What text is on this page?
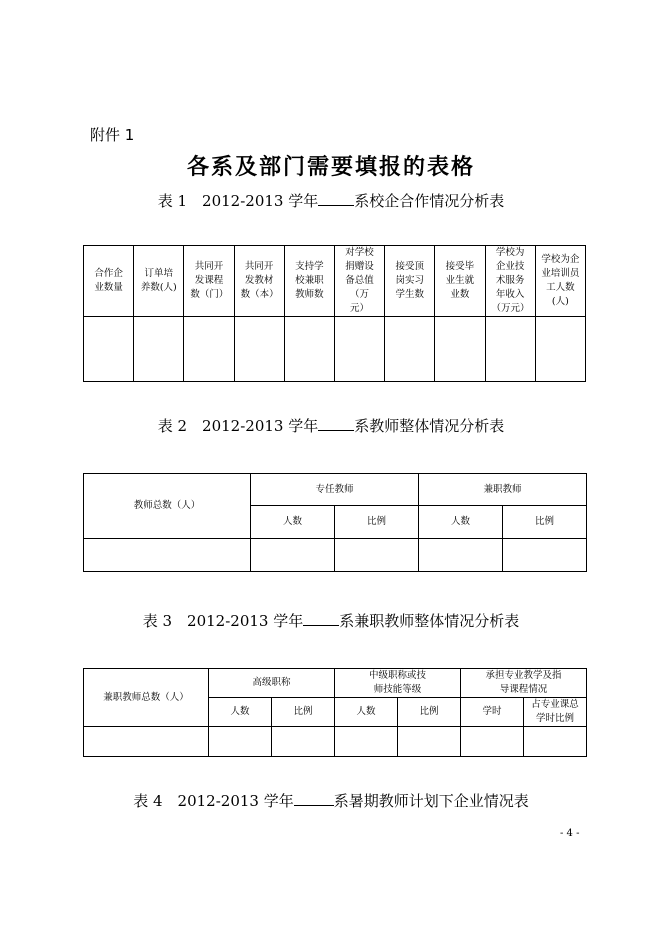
附件 1
各系及部门需要填报的表格
表 1　2012-2013 学年 系校企合作情况分析表
合作企业数量	订单培养数(人)	共同开发课程数（门）	共同开发教材数（本）	支持学校兼职教师数	对学校捐赠设备总值（万元）	接受顶岗实习学生数	接受毕业生就业数	学校为企业技术服务年收入（万元）	学校为企业培训员工人数(人)

表 2　2012-2013 学年 系教师整体情况分析表
教师总数（人）	专任教师		兼职教师	
	人数	比例	人数	比例

表 3　2012-2013 学年 系兼职教师整体情况分析表
兼职教师总数（人）	高级职称		中级职称或技师技能等级		承担专业教学及指导课程情况	
	人数	比例	人数	比例	学时	占专业课总学时比例

表 4　2012-2013 学年	系暑期教师计划下企业情况表
- 4 -
